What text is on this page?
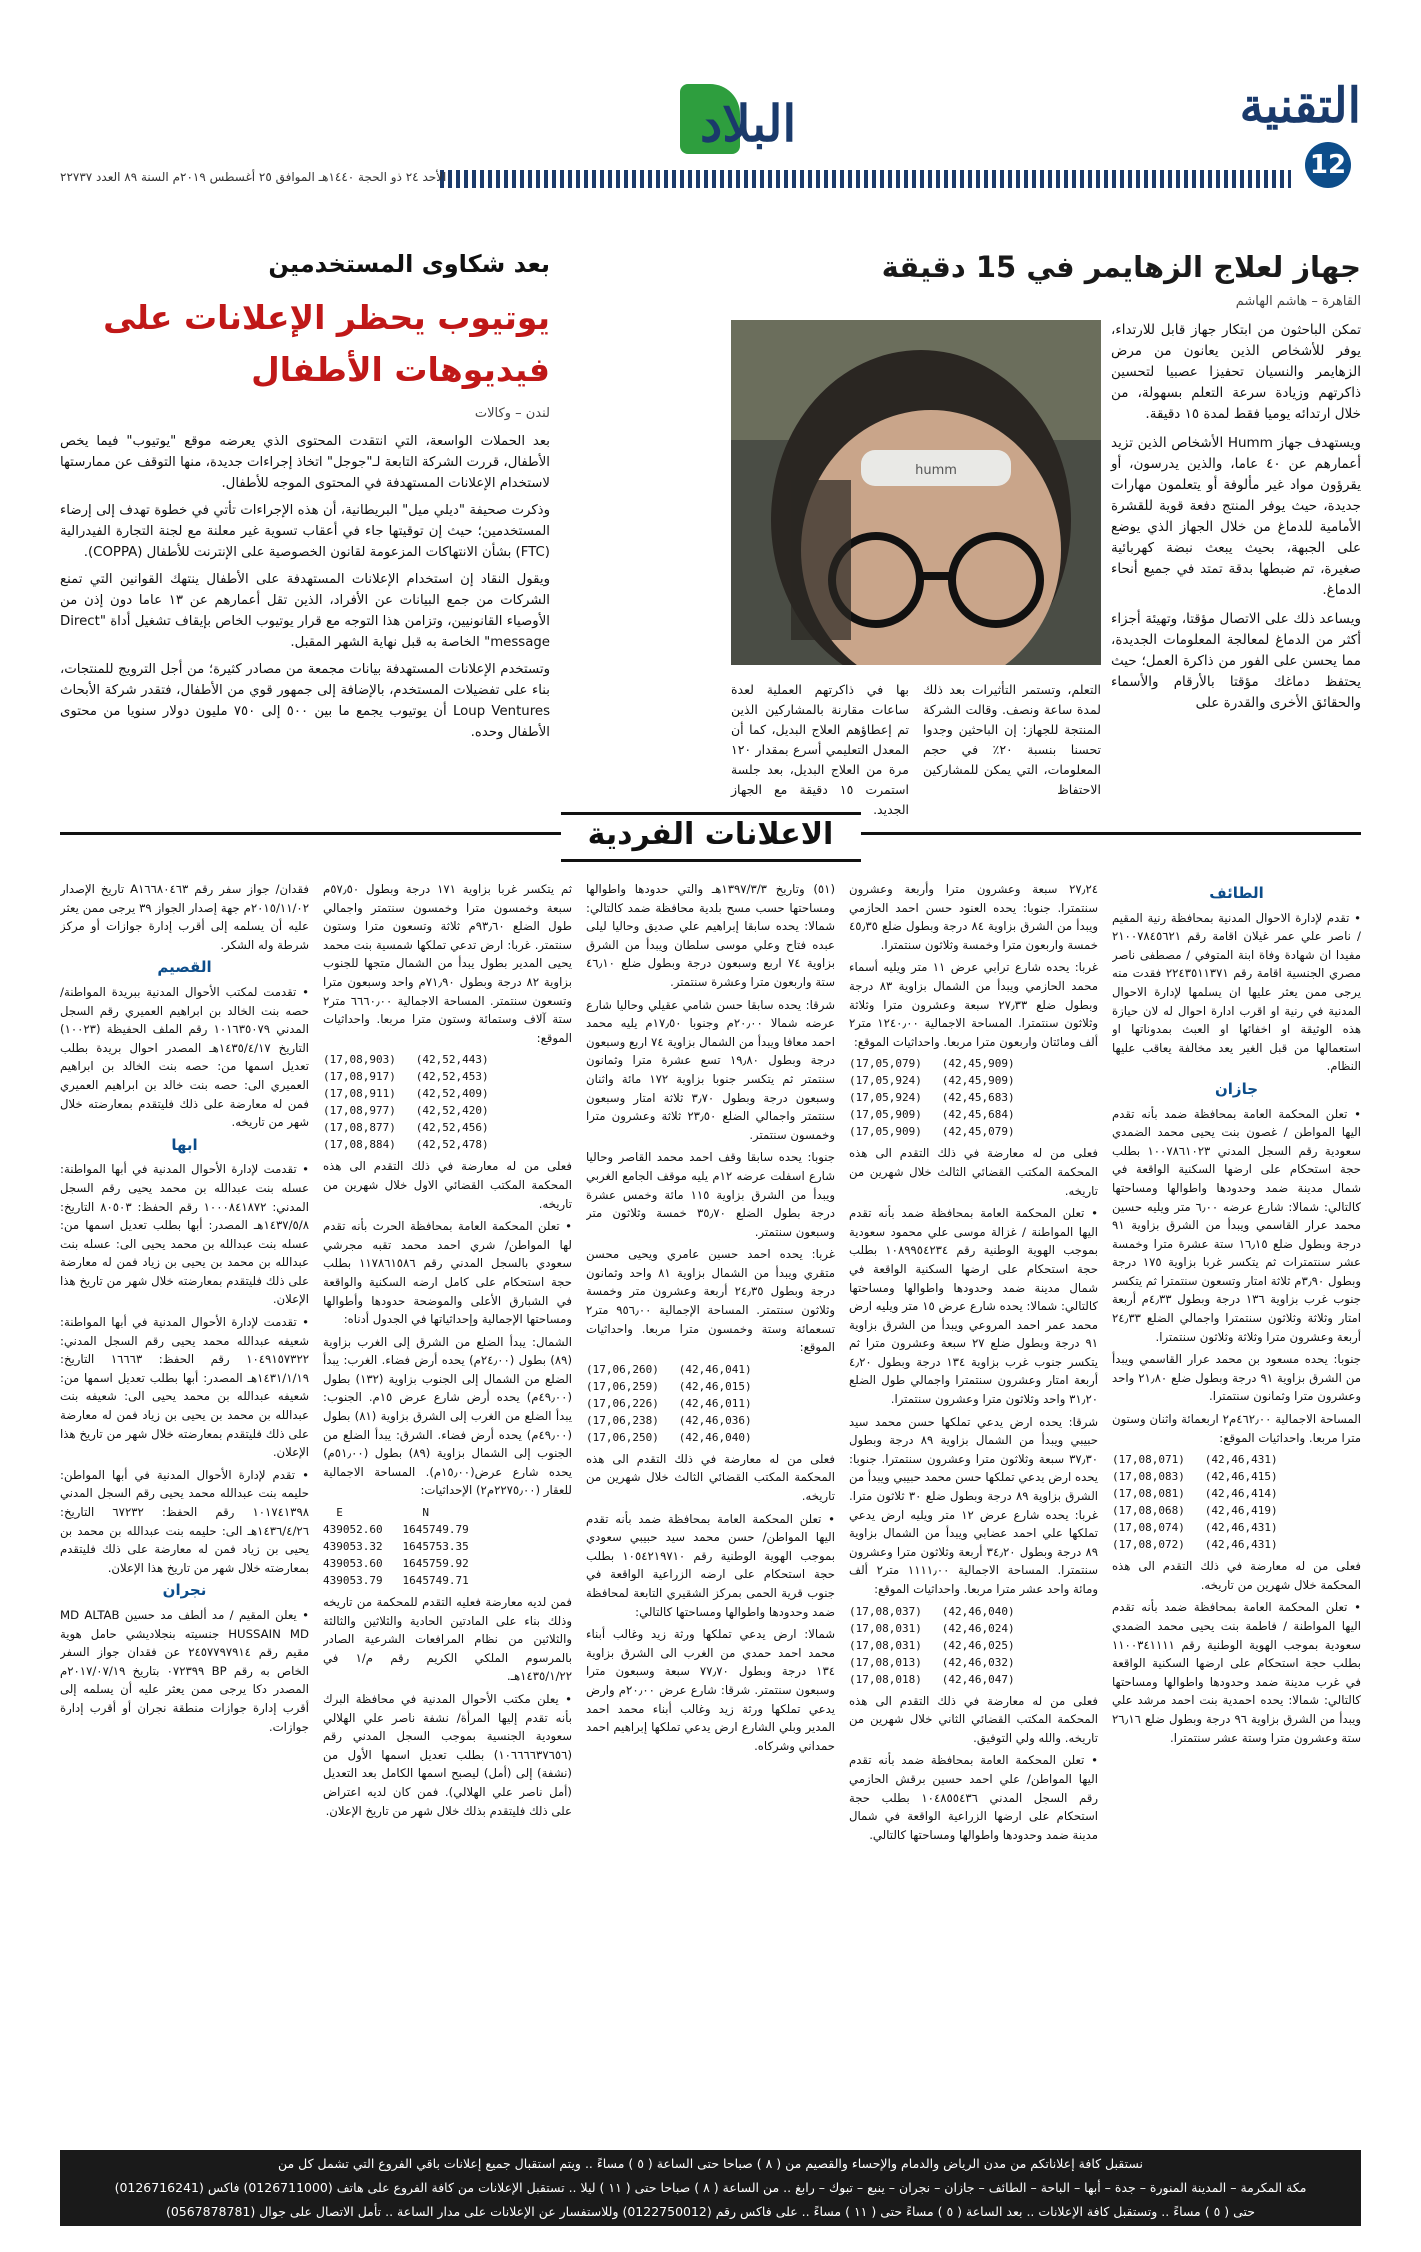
التقنية
12
البلاد
الأحد ٢٤ ذو الحجة ١٤٤٠هـ الموافق ٢٥ أغسطس ٢٠١٩م السنة ٨٩ العدد ٢٢٧٣٧
جهاز لعلاج الزهايمر في 15 دقيقة
القاهرة – هاشم الهاشم

تمكن الباحثون من ابتكار جهاز قابل للارتداء، يوفر للأشخاص الذين يعانون من مرض الزهايمر والنسيان تحفيزا عصبيا لتحسين ذاكرتهم وزيادة سرعة التعلم بسهولة، من خلال ارتدائه يوميا فقط لمدة ١٥ دقيقة.

ويستهدف جهاز Humm الأشخاص الذين تزيد أعمارهم عن ٤٠ عاما، والذين يدرسون، أو يقرؤون مواد غير مألوفة أو يتعلمون مهارات جديدة، حيث يوفر المنتج دفعة قوية للقشرة الأمامية للدماغ من خلال الجهاز الذي يوضع على الجبهة، بحيث يبعث نبضة كهربائية صغيرة، تم ضبطها بدقة تمتد في جميع أنحاء الدماغ.

ويساعد ذلك على الاتصال مؤقتا، وتهيئة أجزاء أكثر من الدماغ لمعالجة المعلومات الجديدة، مما يحسن على الفور من ذاكرة العمل؛ حيث يحتفظ دماغك مؤقتا بالأرقام والأسماء والحقائق الأخرى والقدرة على

humm
التعلم، وتستمر التأثيرات بعد ذلك لمدة ساعة ونصف. وقالت الشركة المنتجة للجهاز: إن الباحثين وجدوا تحسنا بنسبة ٢٠٪ في حجم المعلومات، التي يمكن للمشاركين الاحتفاظ
بها في ذاكرتهم العملية لعدة ساعات مقارنة بالمشاركين الذين تم إعطاؤهم العلاج البديل، كما أن المعدل التعليمي أسرع بمقدار ١٢٠ مرة من العلاج البديل، بعد جلسة استمرت ١٥ دقيقة مع الجهاز الجديد.
بعد شكاوى المستخدمين
يوتيوب يحظر الإعلانات على فيديوهات الأطفال
لندن – وكالات

بعد الحملات الواسعة، التي انتقدت المحتوى الذي يعرضه موقع "يوتيوب" فيما يخص الأطفال، قررت الشركة التابعة لـ"جوجل" اتخاذ إجراءات جديدة، منها التوقف عن ممارستها لاستخدام الإعلانات المستهدفة في المحتوى الموجه للأطفال.

وذكرت صحيفة "ديلي ميل" البريطانية، أن هذه الإجراءات تأتي في خطوة تهدف إلى إرضاء المستخدمين؛ حيث إن توقيتها جاء في أعقاب تسوية غير معلنة مع لجنة التجارة الفيدرالية (FTC) بشأن الانتهاكات المزعومة لقانون الخصوصية على الإنترنت للأطفال (COPPA).

ويقول النقاد إن استخدام الإعلانات المستهدفة على الأطفال ينتهك القوانين التي تمنع الشركات من جمع البيانات عن الأفراد، الذين تقل أعمارهم عن ١٣ عاما دون إذن من الأوصياء القانونيين، وتزامن هذا التوجه مع قرار يوتيوب الخاص بإيقاف تشغيل أداة "Direct message" الخاصة به قبل نهاية الشهر المقبل.

وتستخدم الإعلانات المستهدفة بيانات مجمعة من مصادر كثيرة؛ من أجل الترويج للمنتجات، بناء على تفضيلات المستخدم، بالإضافة إلى جمهور قوي من الأطفال، فتقدر شركة الأبحاث Loup Ventures أن يوتيوب يجمع ما بين ٥٠٠ إلى ٧٥٠ مليون دولار سنويا من محتوى الأطفال وحده.

الاعلانات الفردية
الطائف

• تقدم لإدارة الاحوال المدنية بمحافظة رنية المقيم / ناصر علي عمر غيلان اقامة رقم ٢١٠٠٧٨٤٥٦٢١ مفيدا ان شهادة وفاة ابنة المتوفي / مصطفى ناصر مصري الجنسية اقامة رقم ٢٢٤٣٥١١٣٧١ فقدت منه يرجى ممن يعثر عليها ان يسلمها لإدارة الاحوال المدنية في رنية او اقرب ادارة احوال له لان حيازة هذه الوثيقة او اخفائها او العبث بمدوناتها او استعمالها من قبل الغير يعد مخالفة يعاقب عليها النظام.

جازان

• تعلن المحكمة العامة بمحافظة ضمد بأنه تقدم اليها المواطن / غصون بنت يحيى محمد الضمدي سعودية رقم السجل المدني ١٠٠٧٨٦١٠٢٣ بطلب حجة استحكام على ارضها السكنية الواقعة في شمال مدينة ضمد وحدودها واطوالها ومساحتها كالتالي: شمالا: شارع عرضه ٦٫٠٠ متر ويليه حسين محمد عرار القاسمي ويبدأ من الشرق بزاوية ٩١ درجة وبطول ضلع ١٦٫١٥ ستة عشرة مترا وخمسة عشر سنتمترات ثم يتكسر غربا بزاوية ١٧٥ درجة وبطول ٣٫٩٠م ثلاثة امتار وتسعون سنتمترا ثم يتكسر جنوب غرب بزاوية ١٣٦ درجة وبطول ٤٫٣٣م أربعة امتار وثلاثة وثلاثون سنتمترا واجمالي الضلع ٢٤٫٣٣ أربعة وعشرون مترا وثلاثة وثلاثون سنتمترا.

جنوبا: يحده مسعود بن محمد عرار القاسمي ويبدأ من الشرق بزاوية ٩١ درجة وبطول ضلع ٢١٫٨٠ واحد وعشرون مترا وثمانون سنتمترا.

المساحة الاجمالية ٤٦٢٫٠٠م٢ اربعمائة واثنان وستون مترا مربعا. واحداثيات الموقع:

(17,08,071)   (42,46,431)
(17,08,083)   (42,46,415)
(17,08,081)   (42,46,414)
(17,08,068)   (42,46,419)
(17,08,074)   (42,46,431)
(17,08,072)   (42,46,431)

فعلى من له معارضة في ذلك التقدم الى هذه المحكمة خلال شهرين من تاريخه.

• تعلن المحكمة العامة بمحافظة ضمد بأنه تقدم اليها المواطنة / فاطمة بنت يحيى محمد الضمدي سعودية بموجب الهوية الوطنية رقم ١١٠٠٣٤١١١١ بطلب حجة استحكام على ارضها السكنية الواقعة في غرب مدينة ضمد وحدودها واطوالها ومساحتها كالتالي: شمالا: يحده احمدية بنت احمد مرشد علي ويبدأ من الشرق بزاوية ٩٦ درجة وبطول ضلع ٢٦٫١٦ ستة وعشرون مترا وستة عشر سنتمترا.

٢٧٫٢٤ سبعة وعشرون مترا وأربعة وعشرون سنتمترا. جنوبا: يحده العنود حسن احمد الحازمي ويبدأ من الشرق بزاوية ٨٤ درجة وبطول ضلع ٤٥٫٣٥ خمسة واربعون مترا وخمسة وثلاثون سنتمترا.

غربا: يحده شارع ترابي عرض ١١ متر ويليه أسماء محمد الحازمي ويبدأ من الشمال بزاوية ٨٣ درجة وبطول ضلع ٢٧٫٣٣ سبعة وعشرون مترا وثلاثة وثلاثون سنتمترا. المساحة الاجمالية ١٢٤٠٫٠٠ متر٢ ألف ومائتان واربعون مترا مربعا. واحداثيات الموقع:

(17,05,079)   (42,45,909)
(17,05,924)   (42,45,909)
(17,05,924)   (42,45,683)
(17,05,909)   (42,45,684)
(17,05,909)   (42,45,079)

فعلى من له معارضة في ذلك التقدم الى هذه المحكمة المكتب القضائي الثالث خلال شهرين من تاريخه.

• تعلن المحكمة العامة بمحافظة ضمد بأنه تقدم اليها المواطنة / غزالة موسى علي محمود سعودية بموجب الهوية الوطنية رقم ١٠٨٩٩٥٤٢٣٤ بطلب حجة استحكام على ارضها السكنية الواقعة في شمال مدينة ضمد وحدودها واطوالها ومساحتها كالتالي: شمالا: يحده شارع عرض ١٥ متر ويليه ارض محمد عمر احمد المروعي ويبدأ من الشرق بزاوية ٩١ درجة وبطول ضلع ٢٧ سبعة وعشرون مترا ثم يتكسر جنوب غرب بزاوية ١٣٤ درجة وبطول ٤٫٢٠ أربعة امتار وعشرون سنتمترا واجمالي طول الضلع ٣١٫٢٠ واحد وثلاثون مترا وعشرون سنتمترا.

شرقا: يحده ارض يدعي تملكها حسن محمد سيد حبيبي ويبدأ من الشمال بزاوية ٨٩ درجة وبطول ٣٧٫٣٠ سبعة وثلاثون مترا وعشرون سنتمترا. جنوبا: يحده ارض يدعي تملكها حسن محمد حبيبي ويبدأ من الشرق بزاوية ٨٩ درجة وبطول ضلع ٣٠ ثلاثون مترا. غربا: يحده شارع عرض ١٢ متر ويليه ارض يدعي تملكها علي احمد عضابي ويبدأ من الشمال بزاوية ٨٩ درجة وبطول ٣٤٫٢٠ أربعة وثلاثون مترا وعشرون سنتمترا. المساحة الاجمالية ١١١١٫٠٠ متر٢ ألف ومائة واحد عشر مترا مربعا. واحداثيات الموقع:

(17,08,037)   (42,46,040)
(17,08,031)   (42,46,024)
(17,08,031)   (42,46,025)
(17,08,013)   (42,46,032)
(17,08,018)   (42,46,047)

فعلى من له معارضة في ذلك التقدم الى هذه المحكمة المكتب القضائي الثاني خلال شهرين من تاريخه. والله ولي التوفيق.

• تعلن المحكمة العامة بمحافظة ضمد بأنه تقدم اليها المواطن/ علي احمد حسين برقش الحازمي رقم السجل المدني ١٠٤٨٥٥٤٣٦ بطلب حجة استحكام على ارضها الزراعية الواقعة في شمال مدينة ضمد وحدودها واطوالها ومساحتها كالتالي.

(٥١) وتاريخ ١٣٩٧/٣/٣هـ والتي حدودها واطوالها ومساحتها حسب مسح بلدية محافظة ضمد كالتالي: شمالا: يحده سابقا إبراهيم علي صديق وحاليا ليلى عبده فتاح وعلي موسى سلطان ويبدأ من الشرق بزاوية ٧٤ اربع وسبعون درجة وبطول ضلع ٤٦٫١٠ ستة واربعون مترا وعشرة سنتمتر.

شرقا: يحده سابقا حسن شامي عقيلي وحاليا شارع عرضه شمالا ٢٠٫٠٠م وجنوبا ١٧٫٥٠م يليه محمد احمد معافا ويبدأ من الشمال بزاوية ٧٤ اربع وسبعون درجة وبطول ١٩٫٨٠ تسع عشرة مترا وثمانون سنتمتر ثم يتكسر جنوبا بزاوية ١٧٢ مائة واثنان وسبعون درجة وبطول ٣٫٧٠ ثلاثة امتار وسبعون سنتمتر واجمالي الضلع ٢٣٫٥٠ ثلاثة وعشرون مترا وخمسون سنتمتر.

جنوبا: يحده سابقا وقف احمد محمد القاصر وحاليا شارع اسفلت عرضه ١٢م يليه موقف الجامع الغربي ويبدأ من الشرق بزاوية ١١٥ مائة وخمس عشرة درجة بطول الضلع ٣٥٫٧٠ خمسة وثلاثون متر وسبعون سنتمتر.

غربا: يحده احمد حسين عامري ويحيى محسن متقري ويبدأ من الشمال بزاوية ٨١ واحد وثمانون درجة وبطول ٢٤٫٣٥ أربعة وعشرون متر وخمسة وثلاثون سنتمتر. المساحة الإجمالية ٩٥٦٫٠٠ متر٢ تسعمائة وستة وخمسون مترا مربعا. واحداثيات الموقع:

(17,06,260)   (42,46,041)
(17,06,259)   (42,46,015)
(17,06,226)   (42,46,011)
(17,06,238)   (42,46,036)
(17,06,250)   (42,46,040)

فعلى من له معارضة في ذلك التقدم الى هذه المحكمة المكتب القضائي الثالث خلال شهرين من تاريخه.

• تعلن المحكمة العامة بمحافظة ضمد بأنه تقدم اليها المواطن/ حسن محمد سيد حبيبي سعودي بموجب الهوية الوطنية رقم ١٠٥٤٢١٩٧١٠ بطلب حجة استحكام على ارضه الزراعية الواقعة في جنوب قرية الحمى بمركز الشقيري التابعة لمحافظة ضمد وحدودها واطوالها ومساحتها كالتالي:

شمالا: ارض يدعي تملكها ورثة زيد وغالب أبناء محمد احمد حمدي من الغرب الى الشرق بزاوية ١٣٤ درجة وبطول ٧٧٫٧٠ سبعة وسبعون مترا وسبعون سنتمتر. شرقا: شارع عرض ٢٠٫٠٠م وارض يدعي تملكها ورثة زيد وغالب أبناء محمد احمد المدير وبلي الشارع ارض يدعي تملكها إبراهيم احمد حمداني وشركاه.

ثم يتكسر غربا بزاوية ١٧١ درجة وبطول ٥٧٫٥٠م سبعة وخمسون مترا وخمسون سنتمتر واجمالي طول الضلع ٩٣٫٦٠م ثلاثة وتسعون مترا وستون سنتمتر. غربا: ارض تدعي تملكها شمسية بنت محمد يحيى المدير بطول يبدأ من الشمال متجها للجنوب بزاوية ٨٢ درجة وبطول ٧١٫٩٠م واحد وسبعون مترا وتسعون سنتمتر. المساحة الاجمالية ٦٦٦٠٫٠٠ متر٢ ستة آلاف وستمائة وستون مترا مربعا. واحداثيات الموقع:

(17,08,903)   (42,52,443)
(17,08,917)   (42,52,453)
(17,08,911)   (42,52,409)
(17,08,977)   (42,52,420)
(17,08,877)   (42,52,456)
(17,08,884)   (42,52,478)

فعلى من له معارضة في ذلك التقدم الى هذه المحكمة المكتب القضائي الاول خلال شهرين من تاريخه.

• تعلن المحكمة العامة بمحافظة الحرث بأنه تقدم لها المواطن/ شري احمد محمد تقبه مجرشي سعودي بالسجل المدني رقم ١١٧٨٦١٥٨٦ بطلب حجة استحكام على كامل ارضه السكنية والواقعة في الشبارق الأعلى والموضحة حدودها وأطوالها ومساحتها الإجمالية وإحداثياتها في الجدول أدناه:

الشمال: يبدأ الضلع من الشرق إلى الغرب بزاوية (٨٩) بطول (٢٤٫٠٠م) يحده أرض فضاء. الغرب: يبدأ الضلع من الشمال إلى الجنوب بزاوية (١٣٢) بطول (٤٩٫٠٠م) يحده أرض شارع عرض ١٥م. الجنوب: يبدأ الضلع من الغرب إلى الشرق بزاوية (٨١) بطول (٤٩٫٠٠م) يحده أرض فضاء. الشرق: يبدأ الضلع من الجنوب إلى الشمال بزاوية (٨٩) بطول (٥١٫٠٠م) يحده شارع عرض(١٥٫٠٠م). المساحة الاجمالية للعقار (٢٢٧٥٫٠٠م٢) الإحداثيات:

E            N
439052.60   1645749.79
439053.32   1645753.35
439053.60   1645759.92
439053.79   1645749.71

فمن لديه معارضة فعليه التقدم للمحكمة من تاريخه وذلك بناء على المادتين الحادية والثلاثين والثالثة والثلاثين من نظام المرافعات الشرعية الصادر بالمرسوم الملكي الكريم رقم م/١ في ١٤٣٥/١/٢٢هـ.

• يعلن مكتب الأحوال المدنية في محافظة البرك بأنه تقدم إليها المرأة/ نشفة ناصر علي الهلالي سعودية الجنسية بموجب السجل المدني رقم (١٠٦٦٦٦٣٧٦٥٦) بطلب تعديل اسمها الأول من (نشفة) إلى (أمل) ليصبح اسمها الكامل بعد التعديل (أمل ناصر علي الهلالي). فمن كان لديه اعتراض على ذلك فليتقدم بذلك خلال شهر من تاريخ الإعلان.

فقدان/ جواز سفر رقم A١٦٦٨٠٤٦٣ تاريخ الإصدار ٢٠١٥/١١/٠٢م جهة إصدار الجواز ٣٩ يرجى ممن يعثر عليه أن يسلمه إلى أقرب إدارة جوازات أو مركز شرطة وله الشكر.

القصيم

• تقدمت لمكتب الأحوال المدنية ببريدة المواطنة/ حصه بنت الخالد بن ابراهيم العميري رقم السجل المدني ١٠١٦٣٥٠٧٩ رقم الملف الحفيظة (١٠٠٢٣) التاريخ ١٤٣٥/٤/١٧هـ المصدر احوال بريدة بطلب تعديل اسمها من: حصه بنت الخالد بن ابراهيم العميري الى: حصه بنت خالد بن ابراهيم العميري فمن له معارضة على ذلك فليتقدم بمعارضته خلال شهر من تاريخه.

ابها

• تقدمت لإدارة الأحوال المدنية في أبها المواطنة: عسله بنت عبدالله بن محمد يحيى رقم السجل المدني: ١٠٠٠٨٤١٨٧٢ رقم الحفظ: ٨٠٥٠٣ التاريخ: ١٤٣٧/٥/٨هـ المصدر: أبها بطلب تعديل اسمها من: عسله بنت عبدالله بن محمد يحيى الى: عسله بنت عبدالله بن محمد بن يحيى بن زياد فمن له معارضة على ذلك فليتقدم بمعارضته خلال شهر من تاريخ هذا الإعلان.

• تقدمت لإدارة الأحوال المدنية في أبها المواطنة: شعيفه عبدالله محمد يحيى رقم السجل المدني: ١٠٤٩١٥٧٣٢٢ رقم الحفظ: ١٦٦٦٣ التاريخ: ١٤٣١/١/١٩هـ المصدر: أبها بطلب تعديل اسمها من: شعيفه عبدالله بن محمد يحيى الى: شعيفه بنت عبدالله بن محمد بن يحيى بن زياد فمن له معارضة على ذلك فليتقدم بمعارضته خلال شهر من تاريخ هذا الإعلان.

• تقدم لإدارة الأحوال المدنية في أبها المواطن: حليمه بنت عبدالله محمد يحيى رقم السجل المدني ١٠١٧٤١٣٩٨ رقم الحفظ: ٦٧٢٣٢ التاريخ: ١٤٣٦/٤/٢٦هـ الى: حليمه بنت عبدالله بن محمد بن يحيى بن زياد فمن له معارضة على ذلك فليتقدم بمعارضته خلال شهر من تاريخ هذا الإعلان.

نجران

• يعلن المقيم / مد ألطف مد حسين MD ALTAB HUSSAIN MD جنسيته بنجلاديشي حامل هوية مقيم رقم ٢٤٥٧٧٩٧٩١٤ عن فقدان جواز السفر الخاص به رقم BP ٠٧٢٣٩٩ بتاريخ ٢٠١٧/٠٧/١٩م المصدر دكا يرجى ممن يعثر عليه أن يسلمه إلى أقرب إدارة جوازات منطقة نجران أو أقرب إدارة جوازات.

نستقبل كافة إعلاناتكم من مدن الرياض والدمام والإحساء والقصيم من ( ٨ ) صباحا حتى الساعة ( ٥ ) مساءً .. ويتم استقبال جميع إعلانات باقي الفروع التي تشمل كل من
مكة المكرمة – المدينة المنورة – جدة – أبها – الباحة – الطائف – جازان – نجران – ينبع – تبوك – رابغ .. من الساعة ( ٨ ) صباحا حتى ( ١١ ) ليلا .. تستقبل الإعلانات من كافة الفروع على هاتف (0126711000) فاكس (0126716241)
حتى ( ٥ ) مساءً .. وتستقبل كافة الإعلانات .. بعد الساعة ( ٥ ) مساءً حتى ( ١١ ) مساءً .. على فاكس رقم (0122750012) وللاستفسار عن الإعلانات على مدار الساعة .. تأمل الاتصال على جوال (0567878781)
